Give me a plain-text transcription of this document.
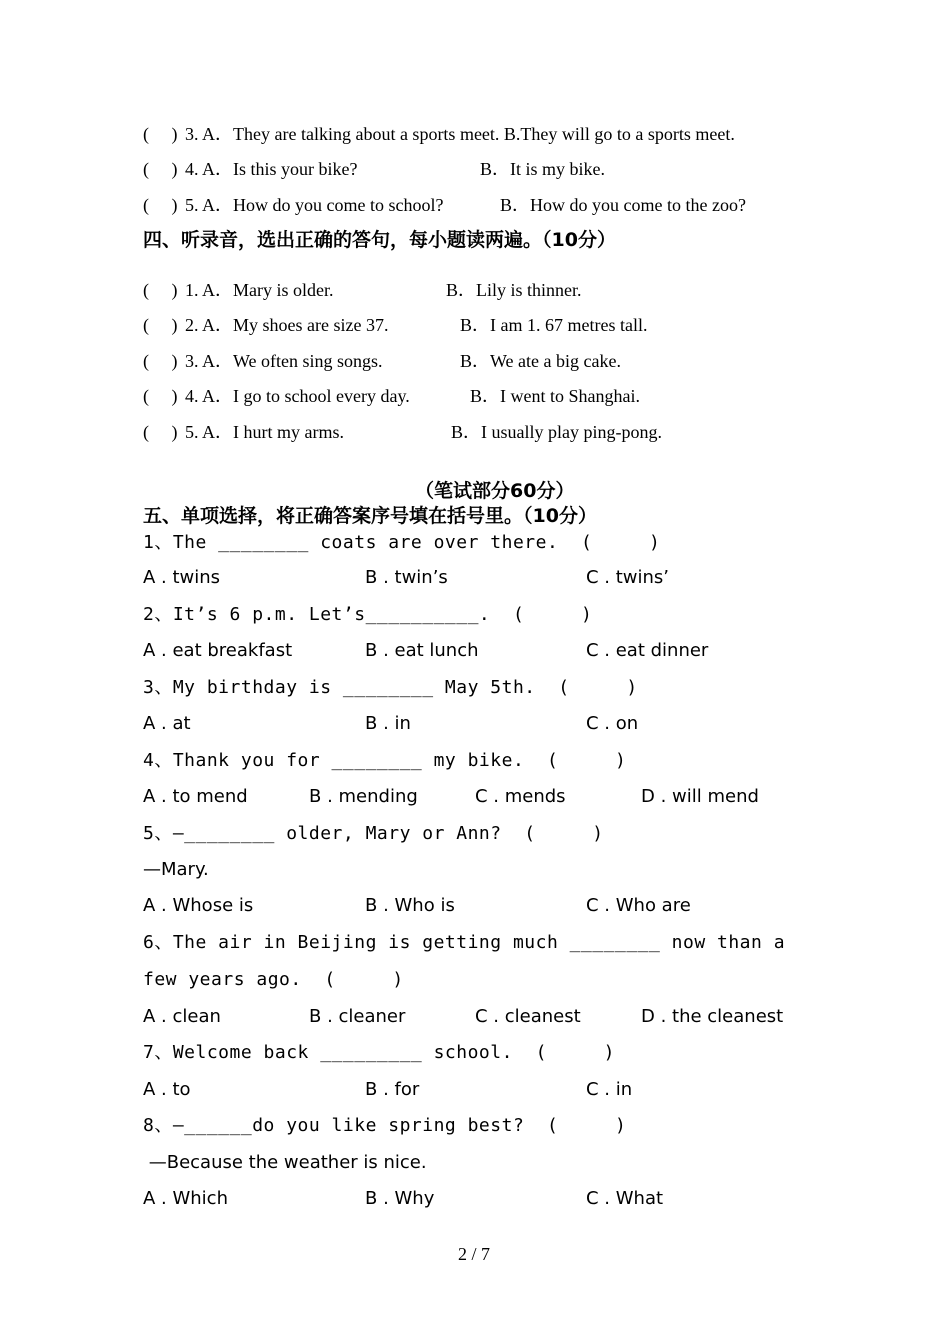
(     ) 3. A．They are talking about a sports meet. B.They will go to a sports meet.
(     ) 4. A．Is this your bike?	B．It is my bike.
(     ) 5. A．How do you come to school?	B．How do you come to the zoo?
四、听录音，选出正确的答句，每小题读两遍。（10分）
(     ) 1. A．Mary is older.	B．Lily is thinner.
(     ) 2. A．My shoes are size 37.	B．I am 1. 67 metres tall.
(     ) 3. A．We often sing songs.	B．We ate a big cake.
(     ) 4. A．I go to school every day.	B．I went to Shanghai.
(     ) 5. A．I hurt my arms.	B．I usually play ping-pong.
（笔试部分60分）
五、单项选择，将正确答案序号填在括号里。（10分）
1、The ________ coats are over there.  (     )
A . twins	B . twin’s	C . twins’
2、It’s 6 p.m. Let’s__________.  (     )
A . eat breakfast	B . eat lunch	C . eat dinner
3、My birthday is ________ May 5th.  (     )
A . at	B . in	C . on
4、Thank you for ________ my bike.  (     )
A . to mend	B . mending	C . mends	D . will mend
5、—________ older, Mary or Ann?  (     )
—Mary.
A . Whose is	B . Who is	C . Who are
6、The air in Beijing is getting much ________ now than a
few years ago.  (     )
A . clean	B . cleaner	C . cleanest	D . the cleanest
7、Welcome back _________ school.  (     )
A . to	B . for	C . in
8、—______do you like spring best?  (     )
—Because the weather is nice.
A . Which	B . Why	C . What
2 / 7
